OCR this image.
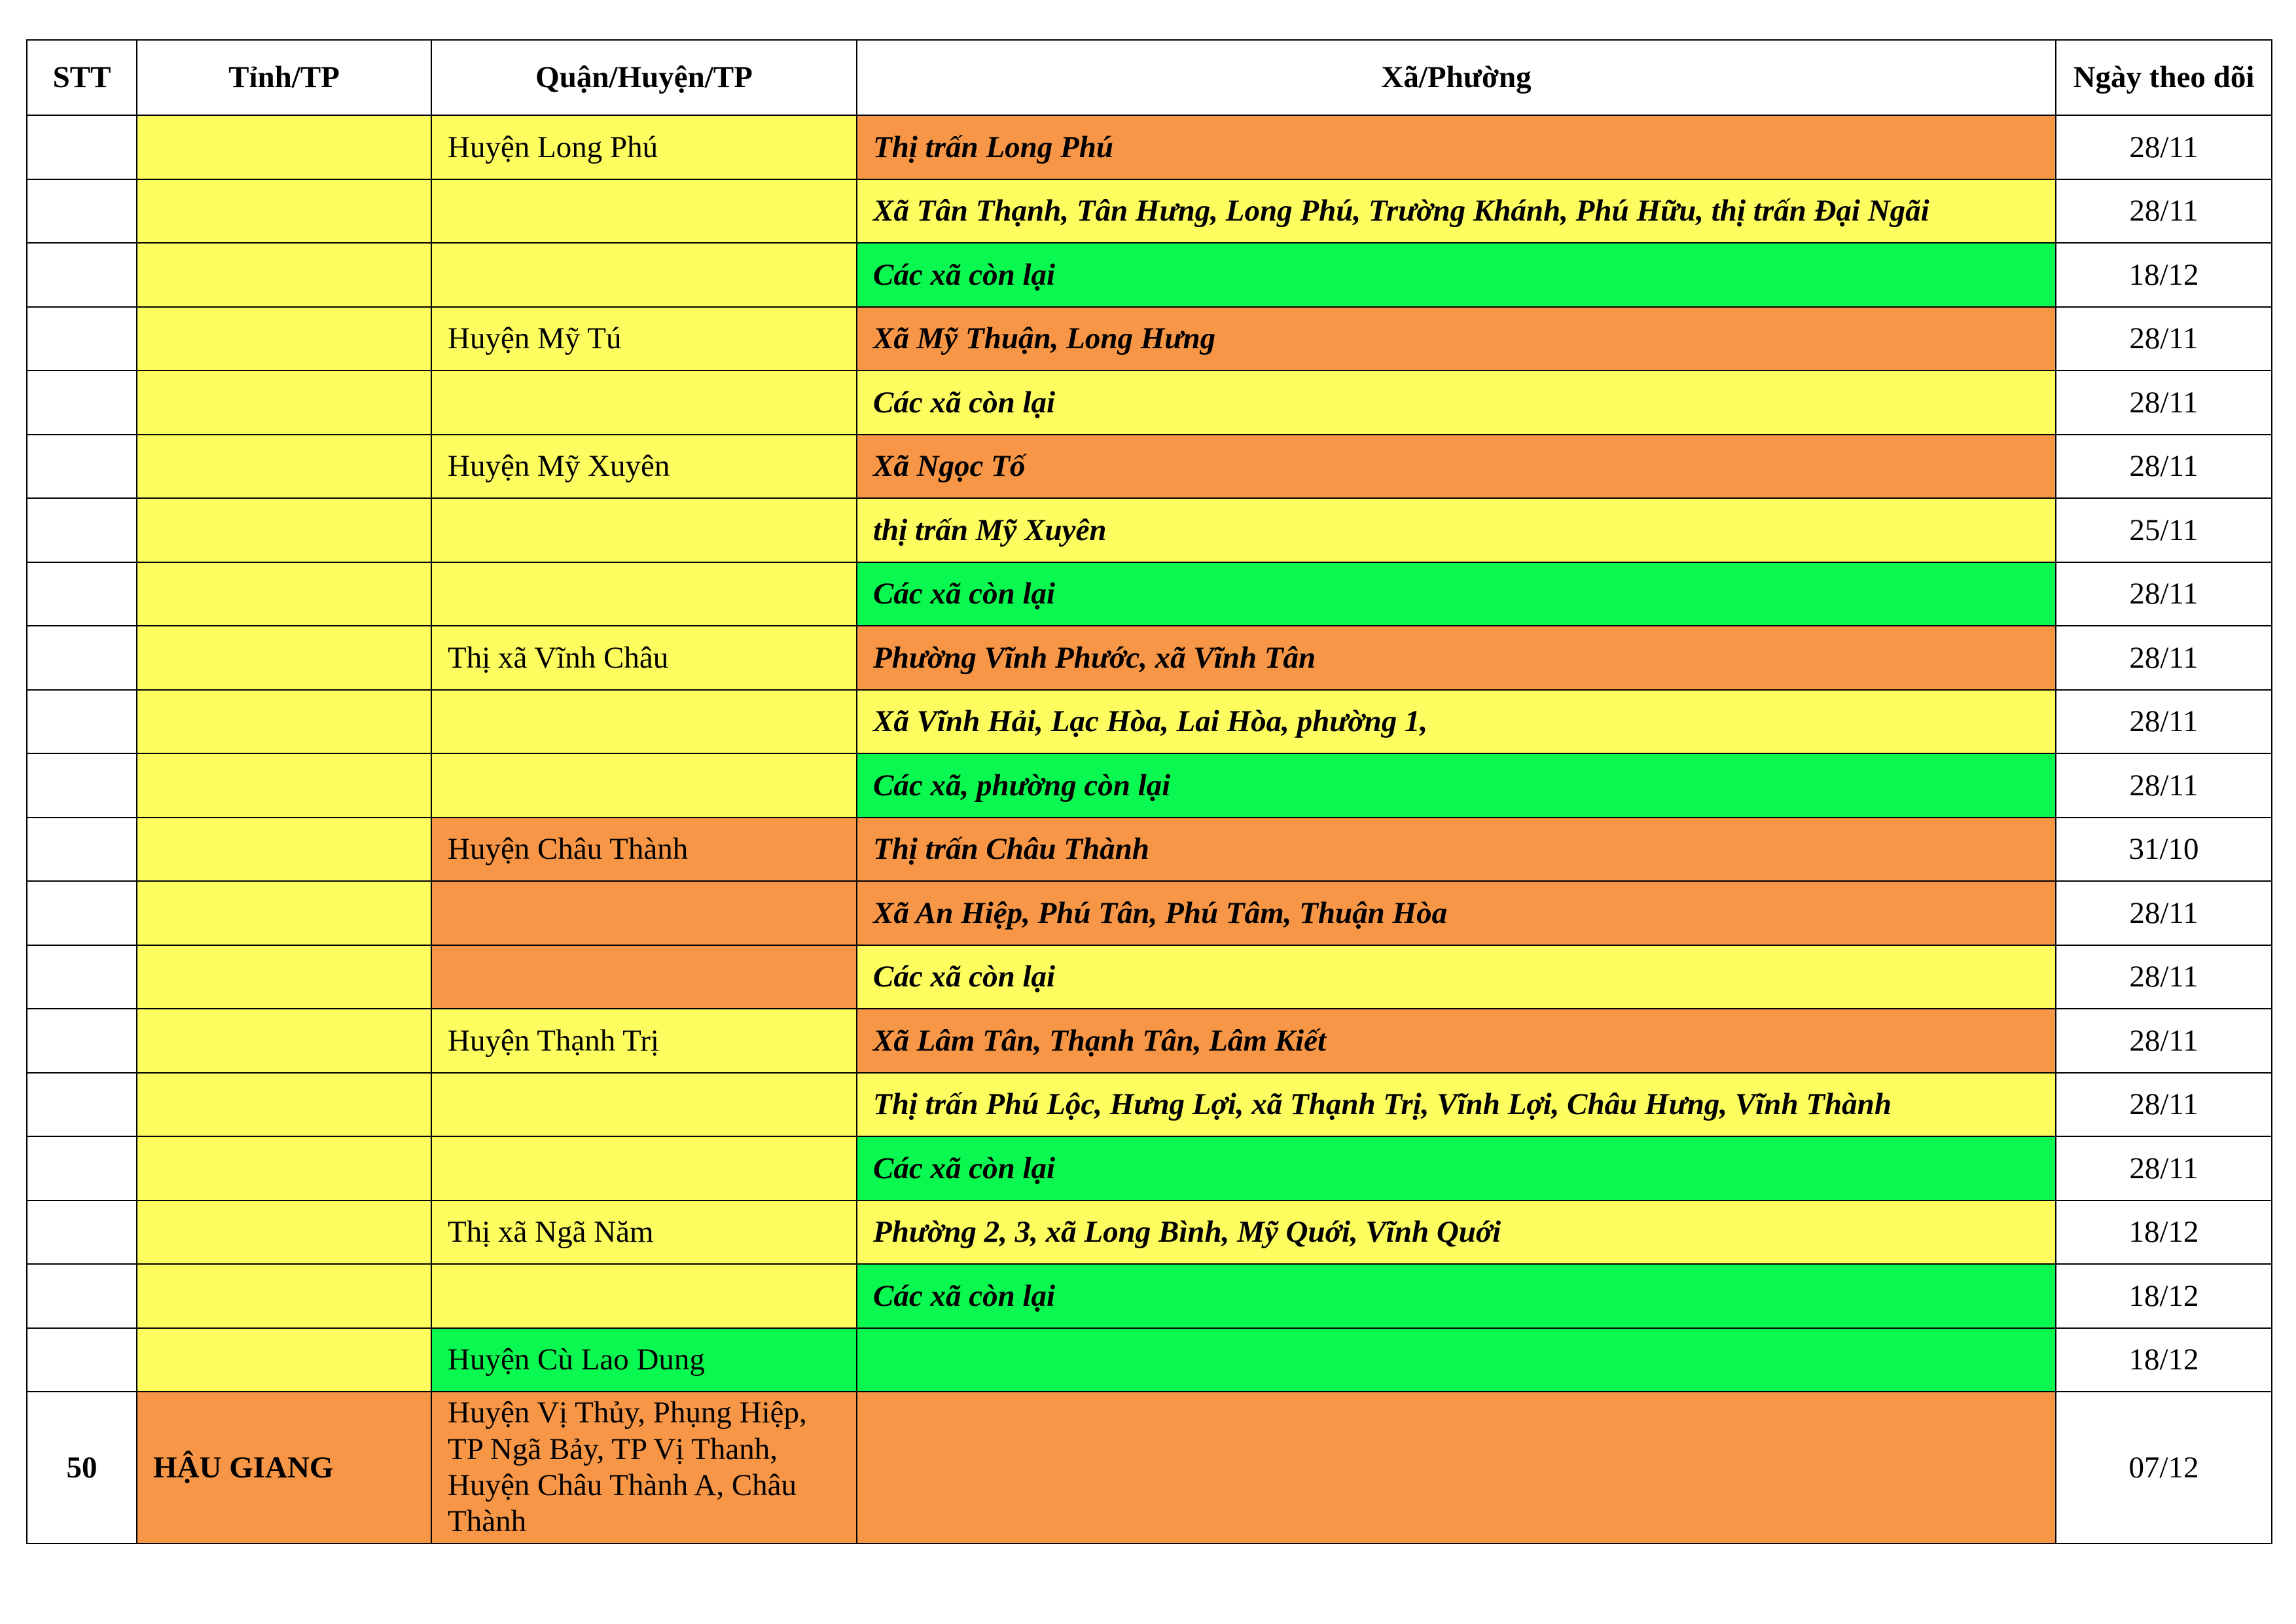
STT	Tỉnh/TP	Quận/Huyện/TP	Xã/Phường	Ngày theo dõi
		Huyện Long Phú	Thị trấn Long Phú	28/11
			Xã Tân Thạnh, Tân Hưng, Long Phú, Trường Khánh, Phú Hữu, thị trấn Đại Ngãi	28/11
			Các xã còn lại	18/12
		Huyện Mỹ Tú	Xã Mỹ Thuận, Long Hưng	28/11
			Các xã còn lại	28/11
		Huyện Mỹ Xuyên	Xã Ngọc Tố	28/11
			thị trấn Mỹ Xuyên	25/11
			Các xã còn lại	28/11
		Thị xã Vĩnh Châu	Phường Vĩnh Phước, xã Vĩnh Tân	28/11
			Xã Vĩnh Hải, Lạc Hòa, Lai Hòa, phường 1,	28/11
			Các xã, phường còn lại	28/11
		Huyện Châu Thành	Thị trấn Châu Thành	31/10
			Xã An Hiệp, Phú Tân, Phú Tâm, Thuận Hòa	28/11
			Các xã còn lại	28/11
		Huyện Thạnh Trị	Xã Lâm Tân, Thạnh Tân, Lâm Kiết	28/11
			Thị trấn Phú Lộc, Hưng Lợi, xã Thạnh Trị, Vĩnh Lợi, Châu Hưng, Vĩnh Thành	28/11
			Các xã còn lại	28/11
		Thị xã Ngã Năm	Phường 2, 3, xã Long Bình, Mỹ Quới, Vĩnh Quới	18/12
			Các xã còn lại	18/12
		Huyện Cù Lao Dung		18/12
50	HẬU GIANG	Huyện Vị Thủy, Phụng Hiệp, TP Ngã Bảy, TP Vị Thanh, Huyện Châu Thành A, Châu Thành		07/12
